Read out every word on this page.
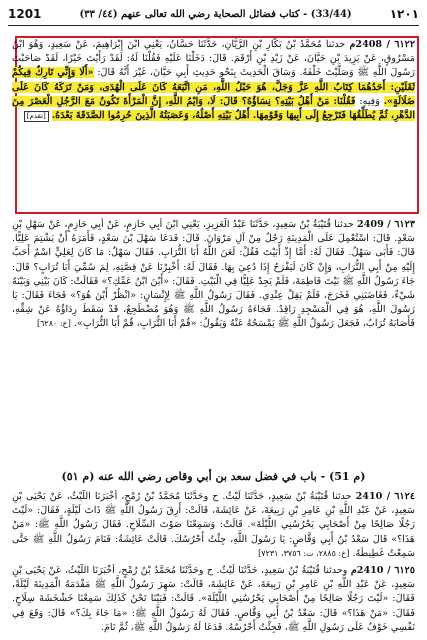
1201	(33/44) - كتاب فضائل الصحابة رضي الله تعالى عنهم (٤٤/ ٣٣)	١٢٠١
٦١٢٢ / 2408م حدثنا مُحَمَّدُ بْنُ بَكَّارِ بْنِ الرَّيَّانِ، حَدَّثَنَا حَسَّانُ، يَعْنِي ابْنَ إِبْرَاهِيمَ، عَنْ سَعِيدٍ، وَهُوَ ابْنُ مَسْرُوقٍ، عَنْ يَزِيدَ بْنِ حَيَّانَ، عَنْ زَيْدِ بْنِ أَرْقَمَ. قَالَ: دَخَلْنَا عَلَيْهِ فَقُلْنَا لَهُ: لَقَدْ رَأَيْتَ خَيْرًا، لَقَدْ صَاحَبْتَ رَسُولَ اللَّهِ ﷺ وَصَلَّيْتَ خَلْفَهُ. وَسَاقَ الْحَدِيثَ بِنَحْوِ حَدِيثِ أَبِي حَيَّانَ، غَيْرَ أَنَّهُ قَالَ: «أَلَا وَإِنِّي تَارِكٌ فِيكُمْ ثَقَلَيْنِ: أَحَدُهُمَا كِتَابُ اللَّهِ عَزَّ وَجَلَّ، هُوَ حَبْلُ اللَّهِ، مَنِ اتَّبَعَهُ كَانَ عَلَى الْهُدَى، وَمَنْ تَرَكَهُ كَانَ عَلَى ضَلَالَةٍ». وَفِيهِ: فَقُلْنَا: مَنْ أَهْلُ بَيْتِهِ؟ نِسَاؤُهُ؟ قَالَ: لَا، وَايْمُ اللَّهِ، إِنَّ الْمَرْأَةَ تَكُونُ مَعَ الرَّجُلِ الْعَصْرَ مِنَ الدَّهْرِ، ثُمَّ يُطَلِّقُهَا فَتَرْجِعُ إِلَى أَبِيهَا وَقَوْمِهَا. أَهْلُ بَيْتِهِ أَصْلُهُ، وَعَصَبَتُهُ الَّذِينَ حُرِمُوا الصَّدَقَةَ بَعْدَهُ. [تقدم]
٦١٢٣ / 2409 حدثنا قُتَيْبَةُ بْنُ سَعِيدٍ، حَدَّثَنَا عَبْدُ الْعَزِيزِ، يَعْنِي ابْنَ أَبِي حَازِمٍ، عَنْ أَبِي حَازِمٍ، عَنْ سَهْلِ بْنِ سَعْدٍ. قَالَ: اسْتُعْمِلَ عَلَى الْمَدِينَةِ رَجُلٌ مِنْ آلِ مَرْوَانَ. قَالَ: فَدَعَا سَهْلَ بْنَ سَعْدٍ، فَأَمَرَهُ أَنْ يَشْتِمَ عَلِيًّا. قَالَ: فَأَبَى سَهْلٌ. فَقَالَ لَهُ: أَمَّا إِذْ أَبَيْتَ فَقُلْ: لَعَنَ اللَّهُ أَبَا التُّرَابِ. فَقَالَ سَهْلٌ: مَا كَانَ لِعَلِيٍّ اسْمٌ أَحَبَّ إِلَيْهِ مِنْ أَبِي التُّرَابِ، وَإِنْ كَانَ لَيَفْرَحُ إِذَا دُعِيَ بِهَا. فَقَالَ لَهُ: أَخْبِرْنَا عَنْ قِصَّتِهِ، لِمَ سُمِّيَ أَبَا تُرَابٍ؟ قَالَ: جَاءَ رَسُولُ اللَّهِ ﷺ بَيْتَ فَاطِمَةَ، فَلَمْ يَجِدْ عَلِيًّا فِي الْبَيْتِ. فَقَالَ: «أَيْنَ ابْنُ عَمِّكِ؟» فَقَالَتْ: كَانَ بَيْنِي وَبَيْنَهُ شَيْءٌ، فَغَاضَبَنِي فَخَرَجَ، فَلَمْ يَقِلْ عِنْدِي. فَقَالَ رَسُولُ اللَّهِ ﷺ لِإِنْسَانٍ: «انْظُرْ أَيْنَ هُوَ؟» فَجَاءَ فَقَالَ: يَا رَسُولَ اللَّهِ، هُوَ فِي الْمَسْجِدِ رَاقِدٌ. فَجَاءَهُ رَسُولُ اللَّهِ ﷺ وَهُوَ مُضْطَجِعٌ، قَدْ سَقَطَ رِدَاؤُهُ عَنْ شِقِّهِ، فَأَصَابَهُ تُرَابٌ، فَجَعَلَ رَسُولُ اللَّهِ ﷺ يَمْسَحُهُ عَنْهُ وَيَقُولُ: «قُمْ أَبَا التُّرَابِ، قُمْ أَبَا التُّرَابِ». [خ: ٦٢٨٠]
(م 51) - باب في فضل سعد بن أبي وقاص رضي الله عنه (م ٥١)
٦١٢٤ / 2410 حدثنا قُتَيْبَةُ بْنُ سَعِيدٍ، حَدَّثَنَا لَيْثٌ. ح وحَدَّثَنَا مُحَمَّدُ بْنُ رُمْحٍ، أَخْبَرَنَا اللَّيْثُ، عَنْ يَحْيَى بْنِ سَعِيدٍ، عَنْ عَبْدِ اللَّهِ بْنِ عَامِرِ بْنِ رَبِيعَةَ، عَنْ عَائِشَةَ، قَالَتْ: أَرِقَ رَسُولُ اللَّهِ ﷺ ذَاتَ لَيْلَةٍ، فَقَالَ: «لَيْتَ رَجُلًا صَالِحًا مِنْ أَصْحَابِي يَحْرُسُنِي اللَّيْلَةَ». قَالَتْ: وَسَمِعْنَا صَوْتَ السِّلَاحِ. فَقَالَ رَسُولُ اللَّهِ ﷺ: «مَنْ هَذَا؟» قَالَ سَعْدُ بْنُ أَبِي وَقَّاصٍ: يَا رَسُولَ اللَّهِ، جِئْتُ أَحْرُسُكَ. قَالَتْ عَائِشَةُ: فَنَامَ رَسُولُ اللَّهِ ﷺ حَتَّى سَمِعْتُ غَطِيطَهُ. [خ: ٢٨٨٥، ت: ٣٧٥٦، ٧٢٣١]
٦١٢٥ / 2410م وحدثنا قُتَيْبَةُ بْنُ سَعِيدٍ، حَدَّثَنَا لَيْثٌ. ح وحَدَّثَنَا مُحَمَّدُ بْنُ رُمْحٍ، أَخْبَرَنَا اللَّيْثُ، عَنْ يَحْيَى بْنِ سَعِيدٍ، عَنْ عَبْدِ اللَّهِ بْنِ عَامِرِ بْنِ رَبِيعَةَ، عَنْ عَائِشَةَ، قَالَتْ: سَهِرَ رَسُولُ اللَّهِ ﷺ مَقْدَمَهُ الْمَدِينَةَ لَيْلَةً، فَقَالَ: «لَيْتَ رَجُلًا صَالِحًا مِنْ أَصْحَابِي يَحْرُسُنِي اللَّيْلَةَ». قَالَتْ: فَبَيْنَا نَحْنُ كَذَلِكَ سَمِعْنَا خَشْخَشَةَ سِلَاحٍ. فَقَالَ: «مَنْ هَذَا؟» قَالَ: سَعْدُ بْنُ أَبِي وَقَّاصٍ. فَقَالَ لَهُ رَسُولُ اللَّهِ ﷺ: «مَا جَاءَ بِكَ؟» قَالَ: وَقَعَ فِي نَفْسِي خَوْفٌ عَلَى رَسُولِ اللَّهِ ﷺ، فَجِئْتُ أَحْرُسُهُ. فَدَعَا لَهُ رَسُولُ اللَّهِ ﷺ، ثُمَّ نَامَ.
